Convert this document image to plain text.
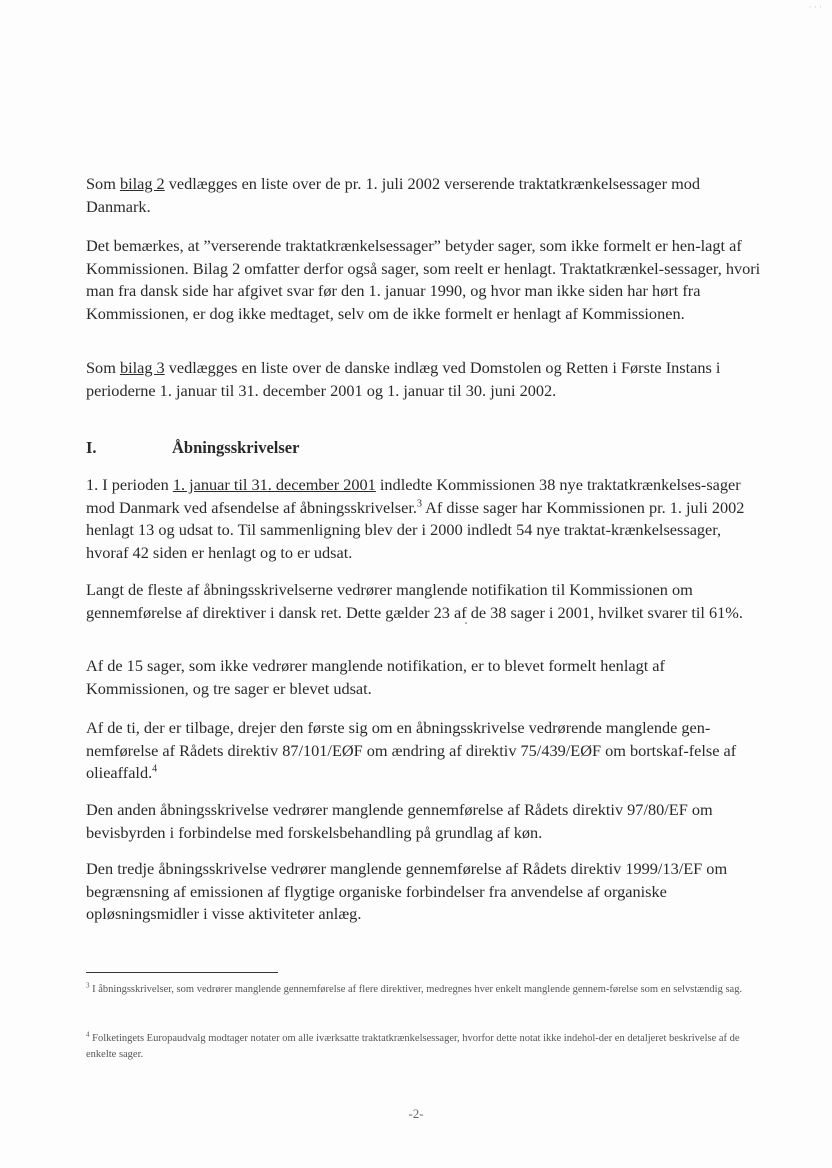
· · ·

Som bilag 2 vedlægges en liste over de pr. 1. juli 2002 verserende traktatkrænkelsessager mod Danmark.

Det bemærkes, at ”verserende traktatkrænkelsessager” betyder sager, som ikke formelt er hen-lagt af Kommissionen. Bilag 2 omfatter derfor også sager, som reelt er henlagt. Traktatkrænkel-sessager, hvori man fra dansk side har afgivet svar før den 1. januar 1990, og hvor man ikke siden har hørt fra Kommissionen, er dog ikke medtaget, selv om de ikke formelt er henlagt af Kommissionen.

Som bilag 3 vedlægges en liste over de danske indlæg ved Domstolen og Retten i Første Instans i perioderne 1. januar til 31. december 2001 og 1. januar til 30. juni 2002.

I.	Åbningsskrivelser

1. I perioden 1. januar til 31. december 2001 indledte Kommissionen 38 nye traktatkrænkelses-sager mod Danmark ved afsendelse af åbningsskrivelser.$^3$ Af disse sager har Kommissionen pr. 1. juli 2002 henlagt 13 og udsat to. Til sammenligning blev der i 2000 indledt 54 nye traktat-krænkelsessager, hvoraf 42 siden er henlagt og to er udsat.

Langt de fleste af åbningsskrivelserne vedrører manglende notifikation til Kommissionen om gennemførelse af direktiver i dansk ret. Dette gælder 23 af de 38 sager i 2001, hvilket svarer til 61%.

Af de 15 sager, som ikke vedrører manglende notifikation, er to blevet formelt henlagt af Kommissionen, og tre sager er blevet udsat.

Af de ti, der er tilbage, drejer den første sig om en åbningsskrivelse vedrørende manglende gen-nemførelse af Rådets direktiv 87/101/EØF om ændring af direktiv 75/439/EØF om bortskaf-felse af olieaffald.$^4$

Den anden åbningsskrivelse vedrører manglende gennemførelse af Rådets direktiv 97/80/EF om bevisbyrden i forbindelse med forskelsbehandling på grundlag af køn.

Den tredje åbningsskrivelse vedrører manglende gennemførelse af Rådets direktiv 1999/13/EF om begrænsning af emissionen af flygtige organiske forbindelser fra anvendelse af organiske opløsningsmidler i visse aktiviteter anlæg.

$^3$ I åbningsskrivelser, som vedrører manglende gennemførelse af flere direktiver, medregnes hver enkelt manglende gennem-førelse som en selvstændig sag.

$^4$ Folketingets Europaudvalg modtager notater om alle iværksatte traktatkrænkelsessager, hvorfor dette notat ikke indehol-der en detaljeret beskrivelse af de enkelte sager.

-2-
